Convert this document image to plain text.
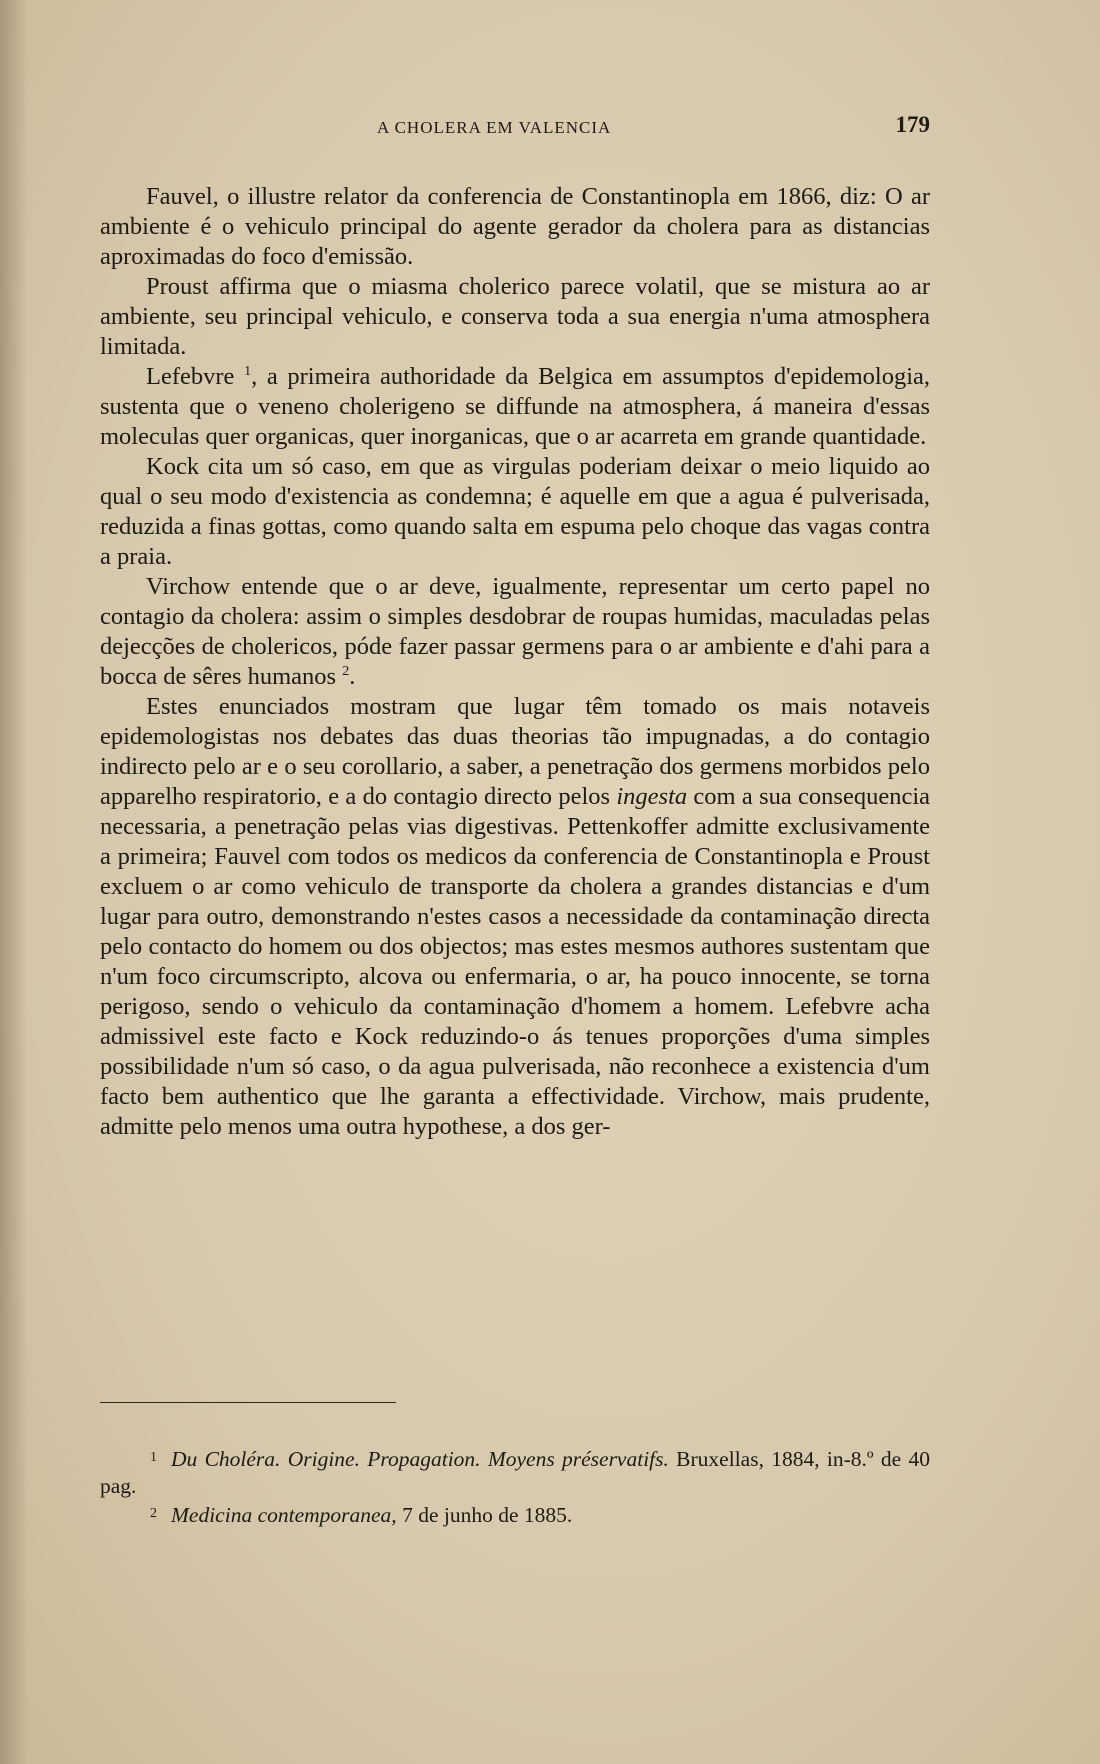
A CHOLERA EM VALENCIA	179

Fauvel, o illustre relator da conferencia de Constantinopla em 1866, diz: O ar ambiente é o vehiculo principal do agente gerador da cholera para as distancias aproximadas do foco d'emissão.

Proust affirma que o miasma cholerico parece volatil, que se mistura ao ar ambiente, seu principal vehiculo, e conserva toda a sua energia n'uma atmosphera limitada.

Lefebvre $^1$, a primeira authoridade da Belgica em assumptos d'epidemologia, sustenta que o veneno cholerigeno se diffunde na atmosphera, á maneira d'essas moleculas quer organicas, quer inorganicas, que o ar acarreta em grande quantidade.

Kock cita um só caso, em que as virgulas poderiam deixar o meio liquido ao qual o seu modo d'existencia as condemna; é aquelle em que a agua é pulverisada, reduzida a finas gottas, como quando salta em espuma pelo choque das vagas contra a praia.

Virchow entende que o ar deve, igualmente, representar um certo papel no contagio da cholera: assim o simples desdobrar de roupas humidas, maculadas pelas dejecções de cholericos, póde fazer passar germens para o ar ambiente e d'ahi para a bocca de sêres humanos $^2$.

Estes enunciados mostram que lugar têm tomado os mais notaveis epidemologistas nos debates das duas theorias tão impugnadas, a do contagio indirecto pelo ar e o seu corollario, a saber, a penetração dos germens morbidos pelo apparelho respiratorio, e a do contagio directo pelos ingesta com a sua consequencia necessaria, a penetração pelas vias digestivas. Pettenkoffer admitte exclusivamente a primeira; Fauvel com todos os medicos da conferencia de Constantinopla e Proust excluem o ar como vehiculo de transporte da cholera a grandes distancias e d'um lugar para outro, demonstrando n'estes casos a necessidade da contaminação directa pelo contacto do homem ou dos objectos; mas estes mesmos authores sustentam que n'um foco circumscripto, alcova ou enfermaria, o ar, ha pouco innocente, se torna perigoso, sendo o vehiculo da contaminação d'homem a homem. Lefebvre acha admissivel este facto e Kock reduzindo-o ás tenues proporções d'uma simples possibilidade n'um só caso, o da agua pulverisada, não reconhece a existencia d'um facto bem authentico que lhe garanta a effectividade. Virchow, mais prudente, admitte pelo menos uma outra hypothese, a dos ger-

$^1$ Du Choléra. Origine. Propagation. Moyens préservatifs. Bruxellas, 1884, in-8.º de 40 pag.

$^2$ Medicina contemporanea, 7 de junho de 1885.
